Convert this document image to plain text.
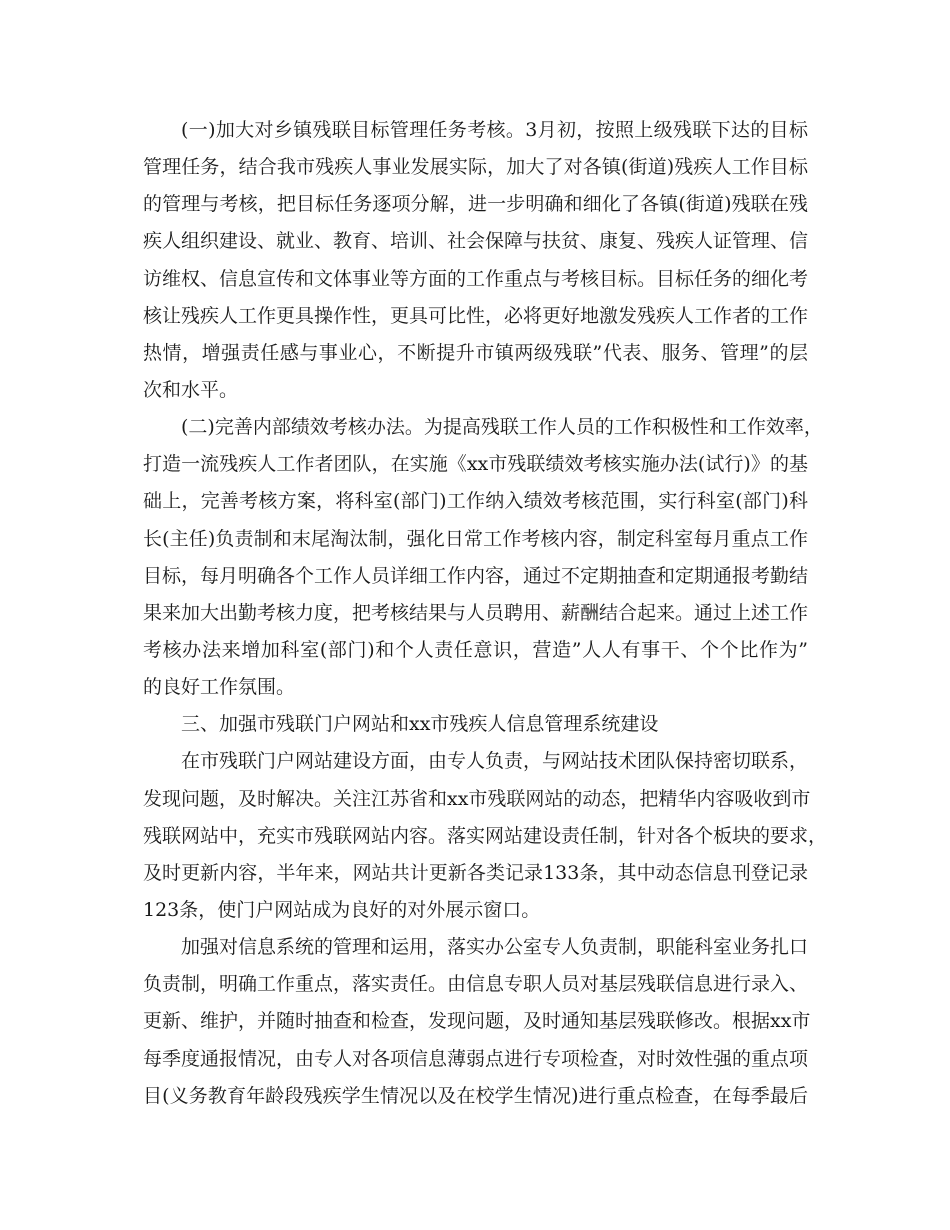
(一)加大对乡镇残联目标管理任务考核。3月初，按照上级残联下达的目标
管理任务，结合我市残疾人事业发展实际，加大了对各镇(街道)残疾人工作目标
的管理与考核，把目标任务逐项分解，进一步明确和细化了各镇(街道)残联在残
疾人组织建设、就业、教育、培训、社会保障与扶贫、康复、残疾人证管理、信
访维权、信息宣传和文体事业等方面的工作重点与考核目标。目标任务的细化考
核让残疾人工作更具操作性，更具可比性，必将更好地激发残疾人工作者的工作
热情，增强责任感与事业心，不断提升市镇两级残联”代表、服务、管理”的层
次和水平。
(二)完善内部绩效考核办法。为提高残联工作人员的工作积极性和工作效率，
打造一流残疾人工作者团队，在实施《xx市残联绩效考核实施办法(试行)》的基
础上，完善考核方案，将科室(部门)工作纳入绩效考核范围，实行科室(部门)科
长(主任)负责制和末尾淘汰制，强化日常工作考核内容，制定科室每月重点工作
目标，每月明确各个工作人员详细工作内容，通过不定期抽查和定期通报考勤结
果来加大出勤考核力度，把考核结果与人员聘用、薪酬结合起来。通过上述工作
考核办法来增加科室(部门)和个人责任意识，营造”人人有事干、个个比作为”
的良好工作氛围。
三、加强市残联门户网站和xx市残疾人信息管理系统建设
在市残联门户网站建设方面，由专人负责，与网站技术团队保持密切联系，
发现问题，及时解决。关注江苏省和xx市残联网站的动态，把精华内容吸收到市
残联网站中，充实市残联网站内容。落实网站建设责任制，针对各个板块的要求，
及时更新内容，半年来，网站共计更新各类记录133条，其中动态信息刊登记录
123条，使门户网站成为良好的对外展示窗口。
加强对信息系统的管理和运用，落实办公室专人负责制，职能科室业务扎口
负责制，明确工作重点，落实责任。由信息专职人员对基层残联信息进行录入、
更新、维护，并随时抽查和检查，发现问题，及时通知基层残联修改。根据xx市
每季度通报情况，由专人对各项信息薄弱点进行专项检查，对时效性强的重点项
目(义务教育年龄段残疾学生情况以及在校学生情况)进行重点检查，在每季最后
